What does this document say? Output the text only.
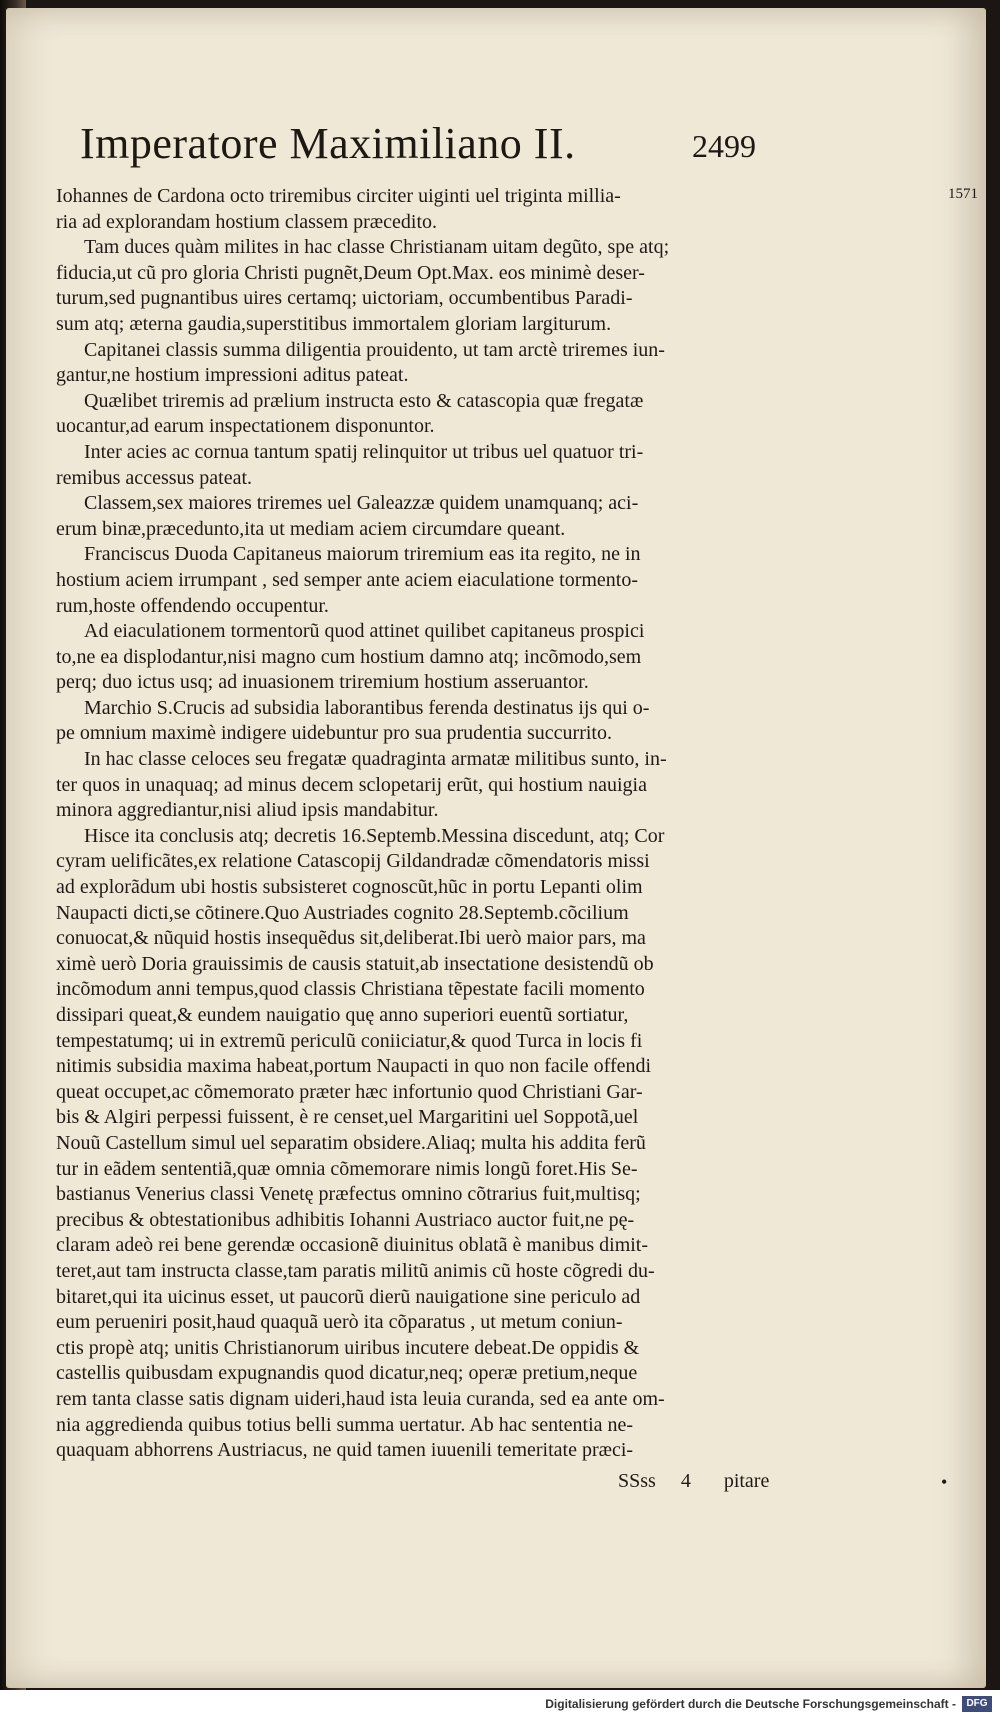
Imperatore Maximiliano II.	2499
1571
•
Iohannes de Cardona octo triremibus circiter uiginti uel triginta millia-
ria ad explorandam hostium classem præcedito.
Tam duces quàm milites in hac classe Christianam uitam degũto, spe atq;
fiducia,ut cũ pro gloria Christi pugnẽt,Deum Opt.Max. eos minimè deser-
turum,sed pugnantibus uires certamq; uictoriam, occumbentibus Paradi-
sum atq; æterna gaudia,superstitibus immortalem gloriam largiturum.
Capitanei classis summa diligentia prouidento, ut tam arctè triremes iun-
gantur,ne hostium impressioni aditus pateat.
Quælibet triremis ad prælium instructa esto & catascopia quæ fregatæ
uocantur,ad earum inspectationem disponuntor.
Inter acies ac cornua tantum spatij relinquitor ut tribus uel quatuor tri-
remibus accessus pateat.
Classem,sex maiores triremes uel Galeazzæ quidem unamquanq; aci-
erum binæ,præcedunto,ita ut mediam aciem circumdare queant.
Franciscus Duoda Capitaneus maiorum triremium eas ita regito, ne in
hostium aciem irrumpant , sed semper ante aciem eiaculatione tormento-
rum,hoste offendendo occupentur.
Ad eiaculationem tormentorũ quod attinet quilibet capitaneus prospici
to,ne ea displodantur,nisi magno cum hostium damno atq; incõmodo,sem
perq; duo ictus usq; ad inuasionem triremium hostium asseruantor.
Marchio S.Crucis ad subsidia laborantibus ferenda destinatus ijs qui o-
pe omnium maximè indigere uidebuntur pro sua prudentia succurrito.
In hac classe celoces seu fregatæ quadraginta armatæ militibus sunto, in-
ter quos in unaquaq; ad minus decem sclopetarij erũt, qui hostium nauigia
minora aggrediantur,nisi aliud ipsis mandabitur.
Hisce ita conclusis atq; decretis 16.Septemb.Messina discedunt, atq; Cor
cyram uelificãtes,ex relatione Catascopij Gildandradæ cõmendatoris missi
ad explorãdum ubi hostis subsisteret cognoscũt,hũc in portu Lepanti olim
Naupacti dicti,se cõtinere.Quo Austriades cognito 28.Septemb.cõcilium
conuocat,& nũquid hostis insequẽdus sit,deliberat.Ibi uerò maior pars, ma
ximè uerò Doria grauissimis de causis statuit,ab insectatione desistendũ ob
incõmodum anni tempus,quod classis Christiana tẽpestate facili momento
dissipari queat,& eundem nauigatio quę anno superiori euentũ sortiatur,
tempestatumq; ui in extremũ periculũ coniiciatur,& quod Turca in locis fi
nitimis subsidia maxima habeat,portum Naupacti in quo non facile offendi
queat occupet,ac cõmemorato præter hæc infortunio quod Christiani Gar-
bis & Algiri perpessi fuissent, è re censet,uel Margaritini uel Soppotã,uel
Nouũ Castellum simul uel separatim obsidere.Aliaq; multa his addita ferũ
tur in eãdem sententiã,quæ omnia cõmemorare nimis longũ foret.His Se-
bastianus Venerius classi Venetę præfectus omnino cõtrarius fuit,multisq;
precibus & obtestationibus adhibitis Iohanni Austriaco auctor fuit,ne pę-
claram adeò rei bene gerendæ occasionẽ diuinitus oblatã è manibus dimit-
teret,aut tam instructa classe,tam paratis militũ animis cũ hoste cõgredi du-
bitaret,qui ita uicinus esset, ut paucorũ dierũ nauigatione sine periculo ad
eum perueniri posit,haud quaquã uerò ita cõparatus , ut metum coniun-
ctis propè atq; unitis Christianorum uiribus incutere debeat.De oppidis &
castellis quibusdam expugnandis quod dicatur,neq; operæ pretium,neque
rem tanta classe satis dignam uideri,haud ista leuia curanda, sed ea ante om-
nia aggredienda quibus totius belli summa uertatur. Ab hac sententia ne-
quaquam abhorrens Austriacus, ne quid tamen iuuenili temeritate præci-
SSss 4 pitare
Digitalisierung gefördert durch die Deutsche Forschungsgemeinschaft -	DFG
